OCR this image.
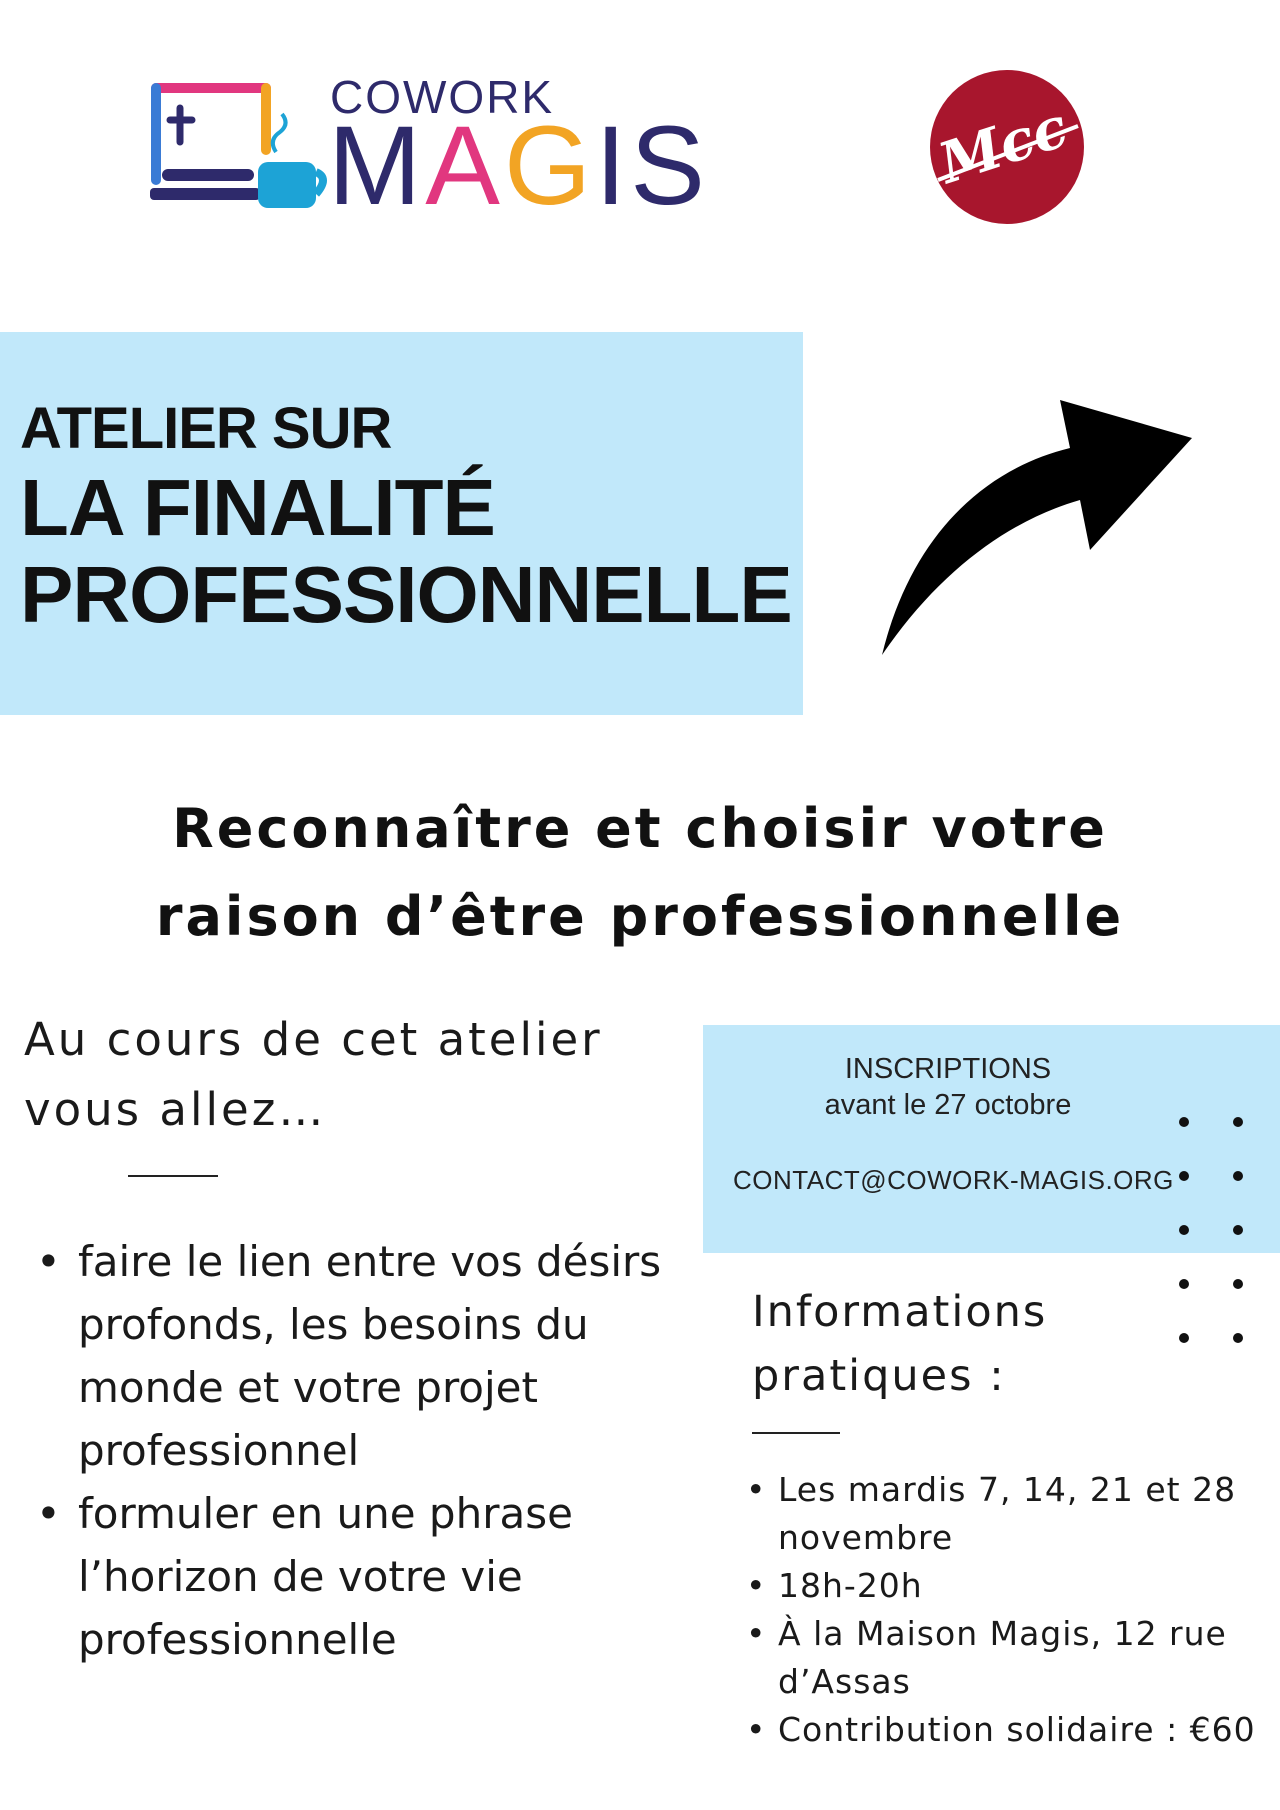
COWORK
MAGIS	Mcc
ATELIER SUR
LA FINALITÉ
PROFESSIONNELLE
Reconnaître et choisir votre
raison d’être professionnelle
Au cours de cet atelier
vous allez…
• faire le lien entre vos désirs profonds, les besoins du monde et votre projet professionnel
• formuler en une phrase l’horizon de votre vie professionnelle
INSCRIPTIONS
avant le 27 octobre
CONTACT@COWORK-MAGIS.ORG
Informations
pratiques :
• Les mardis 7, 14, 21 et 28 novembre
• 18h-20h
• À la Maison Magis, 12 rue d’Assas
• Contribution solidaire : €60
